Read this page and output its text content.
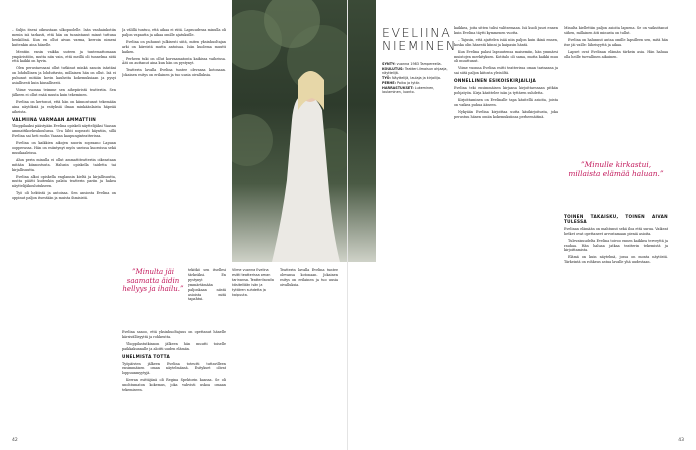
– Suljin itseni oikeastaan ulkopuolelle. Isän vanhainkotiin menin isä tarkasti, että hän on tunnistanut minut tuttuna henkilönä. Kun en ollut aivan varma, kerroin nimeni kuitenkin aina hänelle.

Mentiin ensin vaikka uuteen ja tuntemattomaan ympäristöön, mutta niin vain, että meillä oli tunnelma siitä että kaikki on hyvin.

Olen perustaessani ollut tutkinut minkä sanoin isästäni on lohdullinen ja lohduttavin, millainen hän on ollut. Isä ei puhunut mitään kovin kauheita kokemuksiaan ja pysyi asiallisesti kuin kiusallisesti.

Viime vuonna teimme sen aihepiiristä teatteriin. Sen jälkeen ei ollut enää muuta kuin tekeminen.

Evelina on kertonut, että hän on kiinnostunut tekemään aina näytöksiä ja esityksiä ilman minkäänlaista häpeää aiheista.

VALMIINA VARMAAN AMMATTIIN

Ylioppilaaksi päästyään Evelina opiskeli näyttelijäksi Vaasan ammattikorkeakoulussa. Ura lähti nopeasti käyntiin, sillä Evelina sai heti roolin Vaasan kaupunginteatterissa.

Evelina on kaikkien aikojen nuorin sopraano Lapuan oopperassa. Hän on esiintynyt myös useissa kuoroissa sekä musikaaleissa.

Alun perin minulla ei ollut ammattiteatteriin oikeastaan mitään kiinnostusta. Halusin opiskella taidetta tai kirjallisuutta.

Evelina alkoi opiskella englannin kieltä ja kirjallisuutta, mutta päätti kuitenkin palata teatterin pariin ja hakea näyttelijäkoulutukseen.

Työ oli hektistä ja antoisaa. Sen ansiosta Evelina on oppinut paljon itsestään ja muista ihmisistä.

Ja välillä tuntuu, että aikaa ei riitä. Lapsuudessa minulla oli paljon vapautta ja aikaa omille ajatuksille.

Evelina on puhunut julkisesti siitä, miten yksinhuoltajan arki on kiireistä mutta antoisaa. Isän kuolema muutti kaiken.

Perheen tuki on ollut korvaamatonta kaikissa vaiheissa. Äiti on auttanut aina kun hän on pystynyt.

Teatterin lavalla Evelina tuntee olevansa kotonaan. Jokainen esitys on erilainen ja tuo uusia oivalluksia.

”Minulta jäi saamatta äidin hellyys ja ihailu.”

tekitkö sen itsellesi tärkeäksi. En pystynyt ymmärtämään paljonkaan niistä asioista mitä tapahtui.

Evelina sanoo, että yksinhuoltajuus on opettanut hänelle kärsivällisyyttä ja rohkeutta.

Ylioppilastutkinnon jälkeen hän muutti toiselle paikkakunnalle ja aloitti uuden elämän.

UNELMISTA TOTTA

Työpäivien jälkeen Evelina toteutti tuttavilleen ensimmäisen oman näytelmänsä. Esitykset olivat loppuunmyytyjä.

Kerran esittäjänä oli Regina Spektorin kanssa. Se oli unohtumaton kokemus, joka vahvisti uskoa omaan tekemiseen.

Viime vuonna Evelina esitti teatterissa oman tarinansa. Teatterilavalla käsitellään isän ja tyttären suhdetta ja kaipuuta.

Teatterin lavalla Evelina tuntee olevansa kotonaan. Jokainen esitys on erilainen ja tuo uusia oivalluksia.

42
EVELIINA
NIEMINEN
SYNTY: vuonna 1983 Tampereella.
KOULUTUS: Teatteri-ilmaisun ohjaaja, näyttelijä.
TYÖ: Näyttelijä, laulaja ja kirjailija.
PERHE: Poika ja tytär.
HARRASTUKSET: Lukeminen, laulaminen, luonto.

kaikkea, joita sitten tulisi valitsemaan. Isä kuoli juuri ennen kuin Evelina täytti kymmenen vuotta.

– Tajusin, että ajattelen isää niin paljon kuin ikinä ennen, koska olin hänestä kiinni ja kaipasin häntä.

Kun Evelina palasi lapsuutensa maisemiin, hän ymmärsi muistojen merkityksen. Kotitalo oli sama, mutta kaikki muu oli muuttunut.

Viime vuonna Evelina esitti teatterissa oman tarinansa ja sai siitä paljon kiitosta yleisöltä.

ONNELLINEN ESIKOISKIRJAILIJA

Evelina teki ensimmäisen kirjansa kirjoittaessaan pitkän pohjatyön. Kirja käsittelee isän ja tyttären suhdetta.

Kirjoittaminen on Evelinalle tapa käsitellä asioita, joista on vaikea puhua ääneen.

Nykyään Evelina kirjoittaa uutta käsikirjoitusta, joka perustuu hänen omiin kokemuksiinsa perheenäitinä.

Minulta kiellettiin paljon asioita lapsena. Se on vaikuttanut siihen, millainen äiti minusta on tullut.

Evelina on halunnut antaa omille lapsilleen sen, mitä hän itse jäi vaille: läheisyyttä ja aikaa.

Lapset ovat Evelinan elämän tärkein asia. Hän haluaa olla heille turvallinen aikuinen.

”Minulle kirkastui, millaista elämää haluan.”
TOINEN TAKAISKU, TOINEN AIVAN TULESSA

Evelinan elämään on mahtunut sekä iloa että surua. Vaikeat hetket ovat opettaneet arvostamaan pieniä asioita.

Tulevaisuudelta Evelina toivoo ennen kaikkea terveyttä ja rauhaa. Hän haluaa jatkaa teatterin tekemistä ja kirjoittamista.

Elämä on kuin näytelmä, jossa on monta näytöstä. Tärkeintä on rohkeus astua lavalle yhä uudestaan.

43
